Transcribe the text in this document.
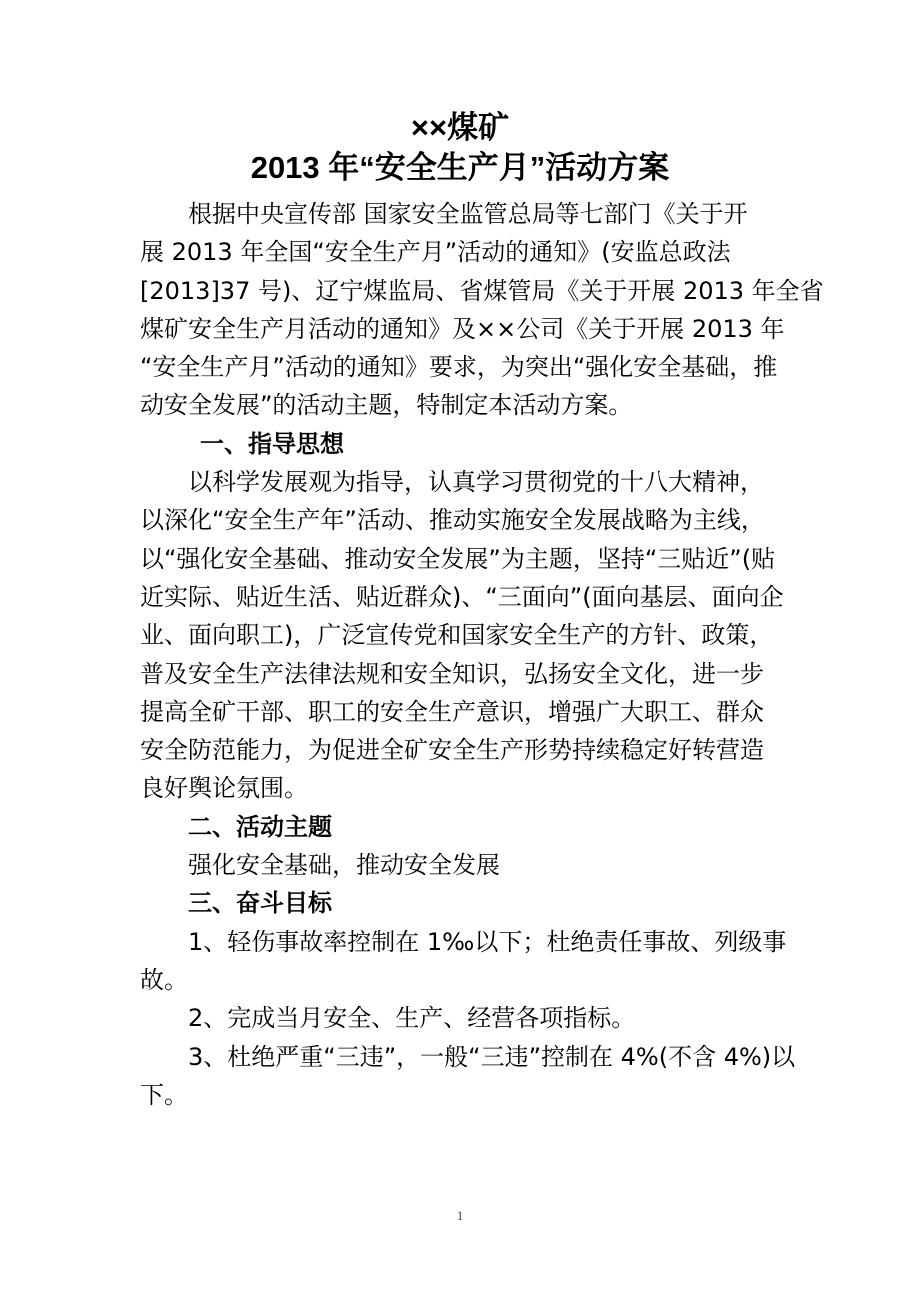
××煤矿
2013 年“安全生产月”活动方案
根据中央宣传部 国家安全监管总局等七部门《关于开
展 2013 年全国“安全生产月”活动的通知》(安监总政法
[2013]37 号)、辽宁煤监局、省煤管局《关于开展 2013 年全省
煤矿安全生产月活动的通知》及××公司《关于开展 2013 年
“安全生产月”活动的通知》要求，为突出“强化安全基础，推
动安全发展”的活动主题，特制定本活动方案。
一、指导思想
以科学发展观为指导，认真学习贯彻党的十八大精神，
以深化“安全生产年”活动、推动实施安全发展战略为主线，
以“强化安全基础、推动安全发展”为主题，坚持“三贴近”(贴
近实际、贴近生活、贴近群众)、“三面向”(面向基层、面向企
业、面向职工)，广泛宣传党和国家安全生产的方针、政策，
普及安全生产法律法规和安全知识，弘扬安全文化，进一步
提高全矿干部、职工的安全生产意识，增强广大职工、群众
安全防范能力，为促进全矿安全生产形势持续稳定好转营造
良好舆论氛围。
二、活动主题
强化安全基础，推动安全发展
三、奋斗目标
1、轻伤事故率控制在 1‰以下；杜绝责任事故、列级事
故。
2、完成当月安全、生产、经营各项指标。
3、杜绝严重“三违”，一般“三违”控制在 4%(不含 4%)以
下。
1
